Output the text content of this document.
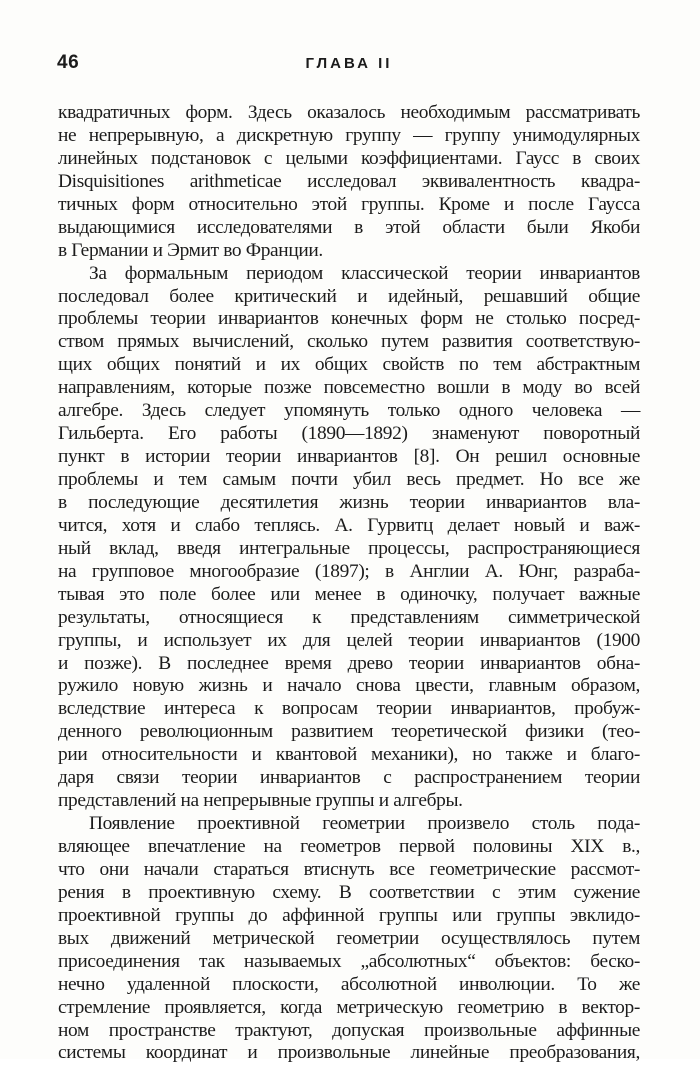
46	ГЛАВА II
квадратичных форм. Здесь оказалось необходимым рассматривать
не непрерывную, а дискретную группу — группу унимодулярных
линейных подстановок с целыми коэффициентами. Гаусс в своих
Disquisitiones arithmeticae исследовал эквивалентность квадра-
тичных форм относительно этой группы. Кроме и после Гаусса
выдающимися исследователями в этой области были Якоби
в Германии и Эрмит во Франции.
За формальным периодом классической теории инвариантов
последовал более критический и идейный, решавший общие
проблемы теории инвариантов конечных форм не столько посред-
ством прямых вычислений, сколько путем развития соответствую-
щих общих понятий и их общих свойств по тем абстрактным
направлениям, которые позже повсеместно вошли в моду во всей
алгебре. Здесь следует упомянуть только одного человека —
Гильберта. Его работы (1890—1892) знаменуют поворотный
пункт в истории теории инвариантов [8]. Он решил основные
проблемы и тем самым почти убил весь предмет. Но все же
в последующие десятилетия жизнь теории инвариантов вла-
чится, хотя и слабо теплясь. А. Гурвитц делает новый и важ-
ный вклад, введя интегральные процессы, распространяющиеся
на групповое многообразие (1897); в Англии А. Юнг, разраба-
тывая это поле более или менее в одиночку, получает важные
результаты, относящиеся к представлениям симметрической
группы, и использует их для целей теории инвариантов (1900
и позже). В последнее время древо теории инвариантов обна-
ружило новую жизнь и начало снова цвести, главным образом,
вследствие интереса к вопросам теории инвариантов, пробуж-
денного революционным развитием теоретической физики (тео-
рии относительности и квантовой механики), но также и благо-
даря связи теории инвариантов с распространением теории
представлений на непрерывные группы и алгебры.
Появление проективной геометрии произвело столь пода-
вляющее впечатление на геометров первой половины XIX в.,
что они начали стараться втиснуть все геометрические рассмот-
рения в проективную схему. В соответствии с этим сужение
проективной группы до аффинной группы или группы эвклидо-
вых движений метрической геометрии осуществлялось путем
присоединения так называемых „абсолютных“ объектов: беско-
нечно удаленной плоскости, абсолютной инволюции. То же
стремление проявляется, когда метрическую геометрию в вектор-
ном пространстве трактуют, допуская произвольные аффинные
системы координат и произвольные линейные преобразования,
